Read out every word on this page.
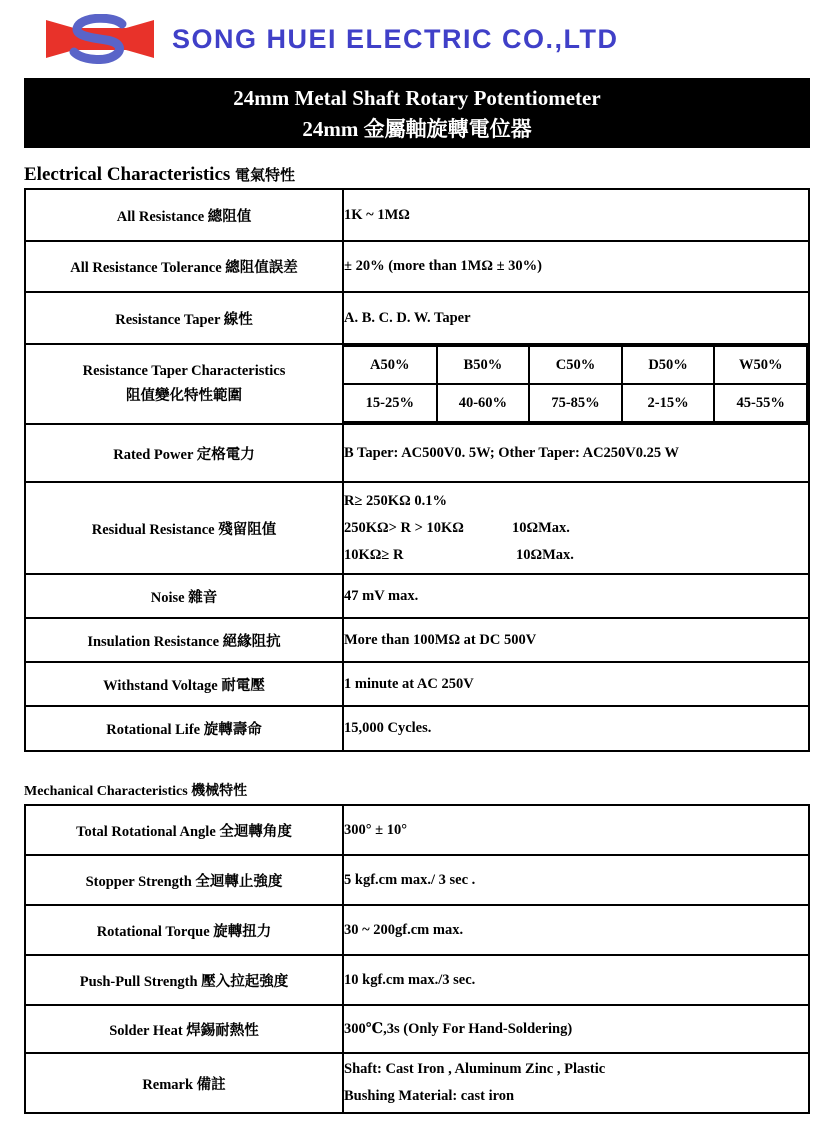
SONG HUEI ELECTRIC CO.,LTD
24mm Metal Shaft Rotary Potentiometer
24mm 金屬軸旋轉電位器
Electrical Characteristics 電氣特性
All Resistance 總阻值	1K ~ 1MΩ
All Resistance Tolerance 總阻值誤差	± 20% (more than 1MΩ ± 30%)
Resistance Taper 線性	A. B. C. D. W. Taper

Resistance Taper Characteristics
阻值變化特性範圍

A50%	B50%	C50%	D50%	W50%
15-25%	40-60%	75-85%	2-15%	45-55%

Rated Power 定格電力	B Taper: AC500V0. 5W; Other Taper: AC250V0.25 W
Residual Resistance 殘留阻值	
R≥ 250KΩ 0.1%
250KΩ> R > 10KΩ	10ΩMax.
10KΩ≥ R	10ΩMax.

Noise 雜音	47 mV max.
Insulation Resistance 絕緣阻抗	More than 100MΩ at DC 500V
Withstand Voltage 耐電壓	1 minute at AC 250V
Rotational Life 旋轉壽命	15,000 Cycles.
Mechanical Characteristics 機械特性
Total Rotational Angle 全迴轉角度	300° ± 10°
Stopper Strength 全迴轉止強度	5 kgf.cm max./ 3 sec .
Rotational Torque 旋轉扭力	30 ~ 200gf.cm max.
Push-Pull Strength 壓入拉起強度	10 kgf.cm max./3 sec.
Solder Heat 焊錫耐熱性	300℃,3s (Only For Hand-Soldering)
Remark 備註	Shaft: Cast Iron , Aluminum Zinc , Plastic
Bushing Material: cast iron
